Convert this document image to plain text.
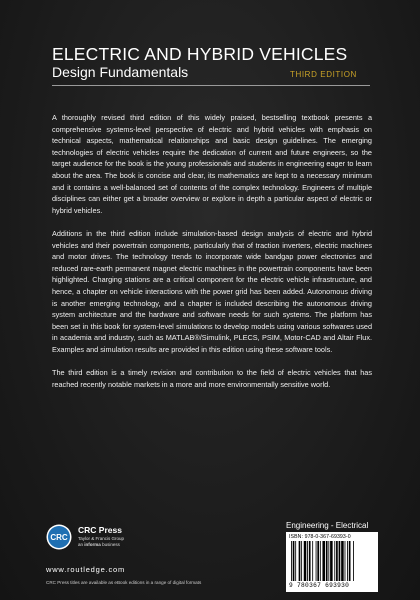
ELECTRIC AND HYBRID VEHICLES
Design Fundamentals	THIRD EDITION

A thoroughly revised third edition of this widely praised, bestselling textbook presents a comprehensive systems-level perspective of electric and hybrid vehicles with emphasis on technical aspects, mathematical relationships and basic design guidelines. The emerging technologies of electric vehicles require the dedication of current and future engineers, so the target audience for the book is the young professionals and students in engineering eager to learn about the area. The book is concise and clear, its mathematics are kept to a necessary minimum and it contains a well-balanced set of contents of the complex technology. Engineers of multiple disciplines can either get a broader overview or explore in depth a particular aspect of electric or hybrid vehicles.

Additions in the third edition include simulation-based design analysis of electric and hybrid vehicles and their powertrain components, particularly that of traction inverters, electric machines and motor drives. The technology trends to incorporate wide bandgap power electronics and reduced rare-earth permanent magnet electric machines in the powertrain components have been highlighted. Charging stations are a critical component for the electric vehicle infrastructure, and hence, a chapter on vehicle interactions with the power grid has been added. Autonomous driving is another emerging technology, and a chapter is included describing the autonomous driving system architecture and the hardware and software needs for such systems. The platform has been set in this book for system-level simulations to develop models using various softwares used in academia and industry, such as MATLAB®/Simulink, PLECS, PSIM, Motor-CAD and Altair Flux. Examples and simulation results are provided in this edition using these software tools.

The third edition is a timely revision and contribution to the field of electric vehicles that has reached recently notable markets in a more and more environmentally sensitive world.

CRC
CRC Press
Taylor & Francis Group
an informa business
www.routledge.com
CRC Press titles are available as eBook editions in a range of digital formats
Engineering - Electrical
ISBN: 978-0-367-69393-0
9 780367 693930
